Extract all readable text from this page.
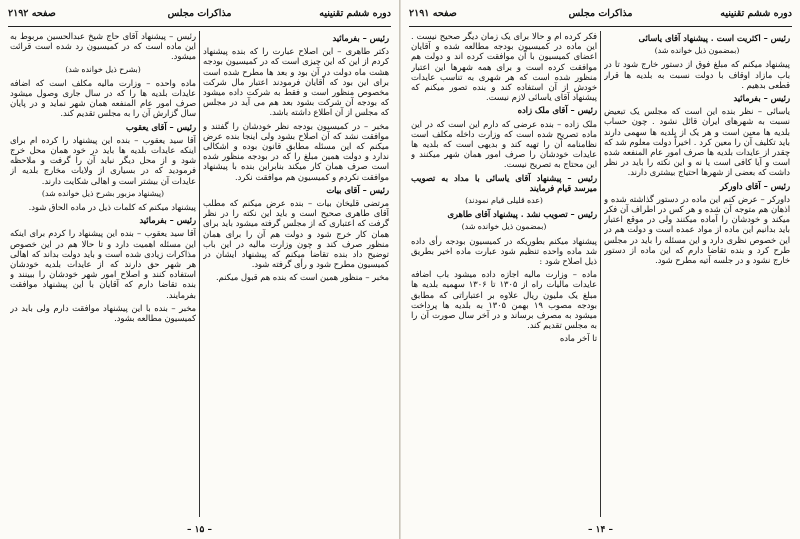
صفحه ۲۱۹۲	مذاکرات مجلس	دوره ششم تقنینیه

رئیس – بفرمائید

دکتر طاهری – این اصلاح عبارت را که بنده پیشنهاد کردم از این که این چیزی است که در کمیسیون بودجه هشت ماه دولت در آن بود و بعد ها مطرح شده است برای این بود که آقایان فرمودند اعتبار مال شرکت مخصوص منظور است و فقط به شرکت داده میشود که بودجه آن شرکت بشود بعد هم می آید در مجلس که مجلس از آن اطلاع داشته باشد.

مخبر – در کمیسیون بودجه نظر خودشان را گفتند و موافقت نشد که آن اصلاح بشود ولی اینجا بنده عرض میکنم که این مسئله مطابق قانون بوده و اشکالی ندارد و دولت همین مبلغ را که در بودجه منظور شده است صرف همان کار میکند بنابراین بنده با پیشنهاد موافقت نکردم و کمیسیون هم موافقت نکرد.

رئیس – آقای بیات

مرتضی قلیخان بیات – بنده عرض میکنم که مطلب آقای طاهری صحیح است و باید این نکته را در نظر گرفت که اعتباری که از مجلس گرفته میشود باید برای همان کار خرج شود و دولت هم آن را برای همان منظور صرف کند و چون وزارت مالیه در این باب توضیح داد بنده تقاضا میکنم که پیشنهاد ایشان در کمیسیون مطرح شود و رأی گرفته شود.

مخبر – منظور همین است که بنده هم قبول میکنم.

رئیس – پیشنهاد آقای حاج شیخ عبدالحسین مربوط به این ماده است که در کمیسیون رد شده است قرائت میشود.

(بشرح ذیل خوانده شد)

ماده واحده – وزارت مالیه مکلف است که اضافه عایدات بلدیه ها را که در سال جاری وصول میشود صرف امور عام المنفعه همان شهر نماید و در پایان سال گزارش آن را به مجلس تقدیم کند.

رئیس – آقای یعقوب

آقا سید یعقوب – بنده این پیشنهاد را کرده ام برای اینکه عایدات بلدیه ها باید در خود همان محل خرج شود و از محل دیگر نباید آن را گرفت و ملاحظه فرمودید که در بسیاری از ولایات مخارج بلدیه از عایدات آن بیشتر است و اهالی شکایت دارند.

(پیشنهاد مزبور بشرح ذیل خوانده شد)

پیشنهاد میکنم که کلمات ذیل در ماده الحاق شود.

رئیس – بفرمائید

آقا سید یعقوب – بنده این پیشنهاد را کردم برای اینکه این مسئله اهمیت دارد و تا حالا هم در این خصوص مذاکرات زیادی شده است و باید دولت بداند که اهالی هر شهر حق دارند که از عایدات بلدیه خودشان استفاده کنند و اصلاح امور شهر خودشان را ببینند و بنده تقاضا دارم که آقایان با این پیشنهاد موافقت بفرمایند.

مخبر – بنده با این پیشنهاد موافقت دارم ولی باید در کمیسیون مطالعه بشود.

– ۱۵ –
صفحه ۲۱۹۱	مذاکرات مجلس	دوره ششم تقنینیه

رئیس – اکثریت است . پیشنهاد آقای یاسائی

(بمضمون ذیل خوانده شد)

پیشنهاد میکنم که مبلغ فوق از دستور خارج شود تا در باب مازاد اوقاف با دولت نسبت به بلدیه ها قرار قطعی بدهیم .

رئیس – بفرمائید

یاسائی – نظر بنده این است که مجلس یک تبعیض نسبت به شهرهای ایران قائل نشود . چون حساب بلدیه ها معین است و هر یک از بلدیه ها سهمی دارند باید تکلیف آن را معین کرد . اخیراً دولت معلوم شد که چقدر از عایدات بلدیه ها صرف امور عام المنفعه شده است و آیا کافی است یا نه و این نکته را باید در نظر داشت که بعضی از شهرها احتیاج بیشتری دارند.

رئیس – آقای داورکر

داورکر – عرض کنم این ماده در دستور گذاشته شده و اذهان هم متوجه آن شده و هر کس در اطراف آن فکر میکند و خودشان را آماده میکنند ولی در موقع اعتبار باید بدانیم این ماده از مواد عمده است و دولت هم در این خصوص نظری دارد و این مسئله را باید در مجلس طرح کرد و بنده تقاضا دارم که این ماده از دستور خارج نشود و در جلسه آتیه مطرح شود.

فکر کرده ام و حالا برای یک زمان دیگر صحیح نیست . این ماده در کمیسیون بودجه مطالعه شده و آقایان اعضای کمیسیون با آن موافقت کرده اند و دولت هم موافقت کرده است و برای همه شهرها این اعتبار منظور شده است که هر شهری به تناسب عایدات خودش از آن استفاده کند و بنده تصور میکنم که پیشنهاد آقای یاسائی لازم نیست.

رئیس – آقای ملک زاده

ملک زاده – بنده عرضی که دارم این است که در این ماده تصریح شده است که وزارت داخله مکلف است نظامنامه آن را تهیه کند و بدیهی است که بلدیه ها عایدات خودشان را صرف امور همان شهر میکنند و این محتاج به تصریح نیست.

رئیس – پیشنهاد آقای یاسائی با مداد به تصویب میرسد قیام فرمایند

(عده قلیلی قیام نمودند)

رئیس – تصویب نشد . پیشنهاد آقای طاهری

(بمضمون ذیل خوانده شد)

پیشنهاد میکنم بطوریکه در کمیسیون بودجه رأی داده شد ماده واحده تنظیم شود عبارت ماده اخیر بطریق ذیل اصلاح شود :

ماده – وزارت مالیه اجازه داده میشود باب اضافه عایدات مالیات راه از ۱۳۰۵ تا ۱۳۰۶ سهمیه بلدیه ها مبلغ یک ملیون ریال علاوه بر اعتباراتی که مطابق بودجه مصوب ۱۹ بهمن ۱۳۰۵ به بلدیه ها پرداخت میشود به مصرف برساند و در آخر سال صورت آن را به مجلس تقدیم کند.

تا آخر ماده

– ۱۴ –
